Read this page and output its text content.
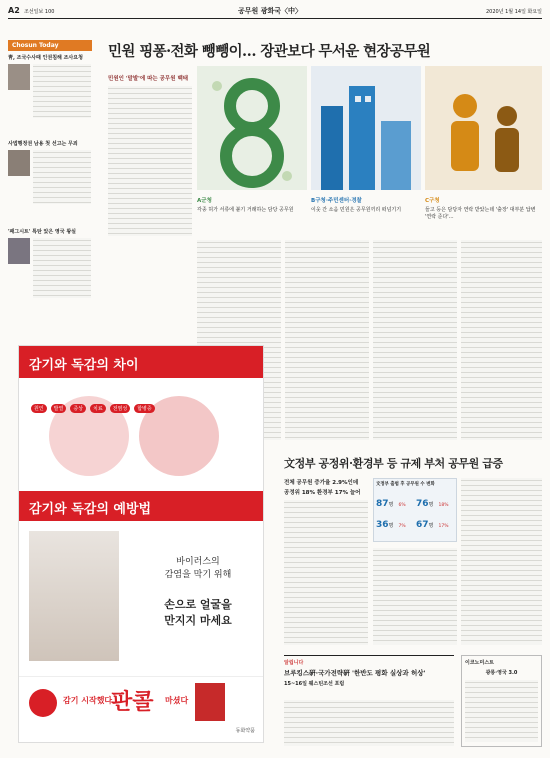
A2 조선일보 100	공무원 광화국〈中〉	2020년 1월 14일 화요일
Chosun Today
靑, 조국수사때 인권침해 조사요청
사법행정권 남용 첫 선고는 무죄
'패그시트' 특탄 았은 영국 왕실
민원 핑퐁·전화 뺑뺑이… 장관보다 무서운 현장공무원
민원인 '말발'에 따는 공무원 백태
A군청
각종 허가 서류에 붙기 거래하는 담당 공무원
B구청·주민센터·경찰
이웃 간 소음 민원은 공무원끼리 떠넘기기
C구청
들고 등은 담당자 연락 받았는데 '출장' 대부분 답변 '연락 준다'…
감기와 독감의 차이
원인	발열	증상	치료	전염성	합병증
감기와 독감의 예방법
바이러스의
감염을 막기 위해
손으로 얼굴을
만지지 마세요
감기 시작했다
판콜 마셨다
동화약품
文정부 공정위·환경부 등 규제 부처 공무원 급증
전체 공무원 증가율 2.9%인데
공정위 18% 환경부 17% 늘어
文정부 출범 후 공무원 수 변화
87명 6%	76명 18%
36명 7%	67명 17%
알립니다
브루킹스硏·국가전략硏 '한반도 평화 실상과 허상'
15~16일 웨스틴조선 포럼
이코노미스트
광릉·영국 3.0
